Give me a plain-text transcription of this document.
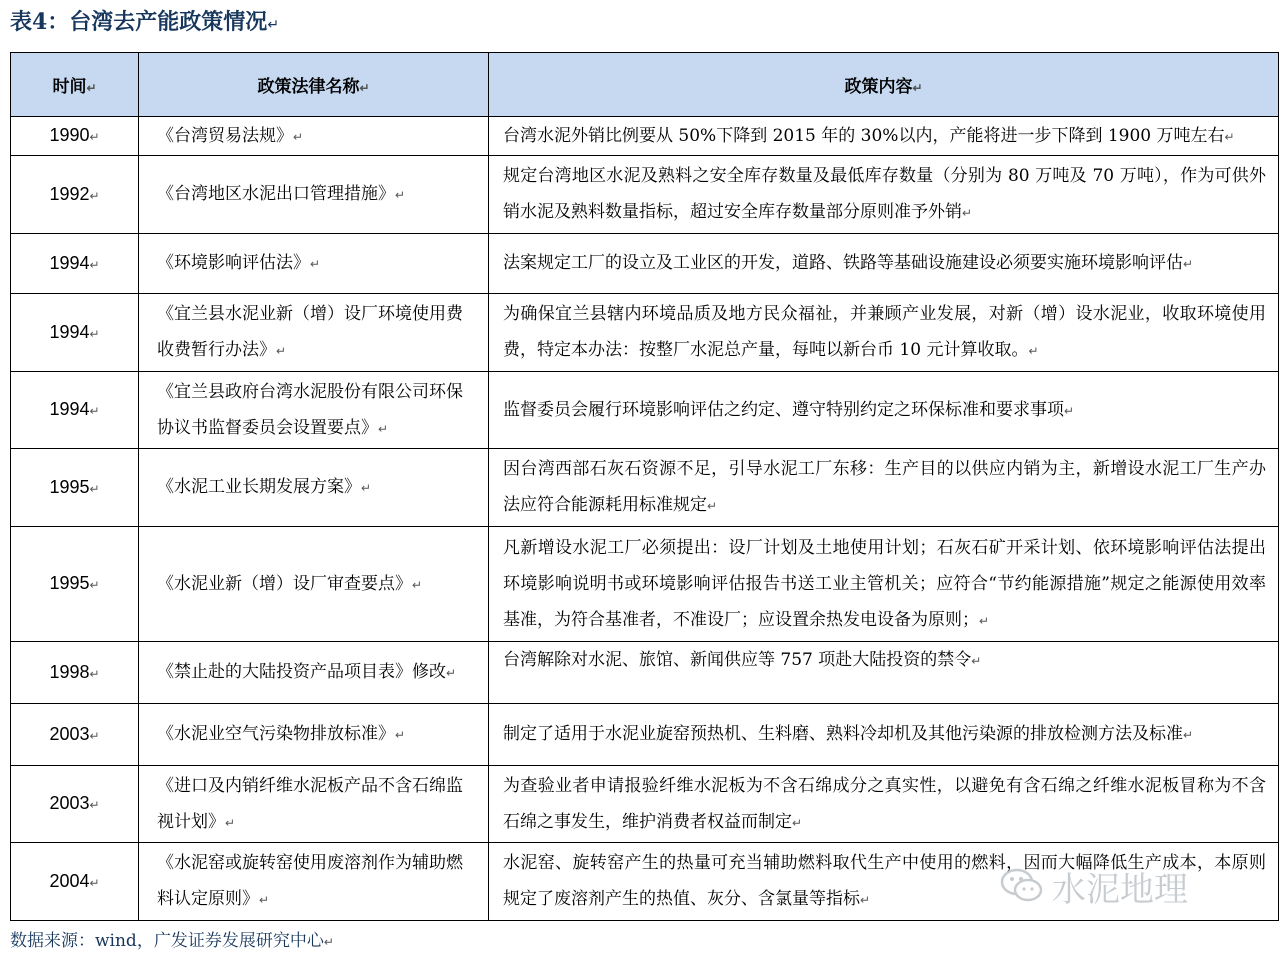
表4：台湾去产能政策情况↵
时间↵	政策法律名称↵	政策内容↵
1990↵	《台湾贸易法规》↵	台湾水泥外销比例要从 50%下降到 2015 年的 30%以内，产能将进一步下降到 1900 万吨左右↵
1992↵	《台湾地区水泥出口管理措施》↵	规定台湾地区水泥及熟料之安全库存数量及最低库存数量（分别为 80 万吨及 70 万吨），作为可供外销水泥及熟料数量指标，超过安全库存数量部分原则准予外销↵
1994↵	《环境影响评估法》↵	法案规定工厂的设立及工业区的开发，道路、铁路等基础设施建设必须要实施环境影响评估↵
1994↵	《宜兰县水泥业新（增）设厂环境使用费收费暂行办法》↵	为确保宜兰县辖内环境品质及地方民众福祉，并兼顾产业发展，对新（增）设水泥业，收取环境使用费，特定本办法：按整厂水泥总产量，每吨以新台币 10 元计算收取。↵
1994↵	《宜兰县政府台湾水泥股份有限公司环保协议书监督委员会设置要点》↵	监督委员会履行环境影响评估之约定、遵守特别约定之环保标准和要求事项↵
1995↵	《水泥工业长期发展方案》↵	因台湾西部石灰石资源不足，引导水泥工厂东移：生产目的以供应内销为主，新增设水泥工厂生产办法应符合能源耗用标准规定↵
1995↵	《水泥业新（增）设厂审查要点》↵	凡新增设水泥工厂必须提出：设厂计划及土地使用计划；石灰石矿开采计划、依环境影响评估法提出环境影响说明书或环境影响评估报告书送工业主管机关；应符合“节约能源措施”规定之能源使用效率基准，为符合基准者，不准设厂；应设置余热发电设备为原则；↵
1998↵	《禁止赴的大陆投资产品项目表》修改↵	台湾解除对水泥、旅馆、新闻供应等 757 项赴大陆投资的禁令↵
2003↵	《水泥业空气污染物排放标准》↵	制定了适用于水泥业旋窑预热机、生料磨、熟料冷却机及其他污染源的排放检测方法及标准↵
2003↵	《进口及内销纤维水泥板产品不含石绵监视计划》↵	为查验业者申请报验纤维水泥板为不含石绵成分之真实性，以避免有含石绵之纤维水泥板冒称为不含石绵之事发生，维护消费者权益而制定↵
2004↵	《水泥窑或旋转窑使用废溶剂作为辅助燃料认定原则》↵	水泥窑、旋转窑产生的热量可充当辅助燃料取代生产中使用的燃料，因而大幅降低生产成本，本原则规定了废溶剂产生的热值、灰分、含氯量等指标↵	水泥地理
数据来源：wind，广发证券发展研究中心↵
